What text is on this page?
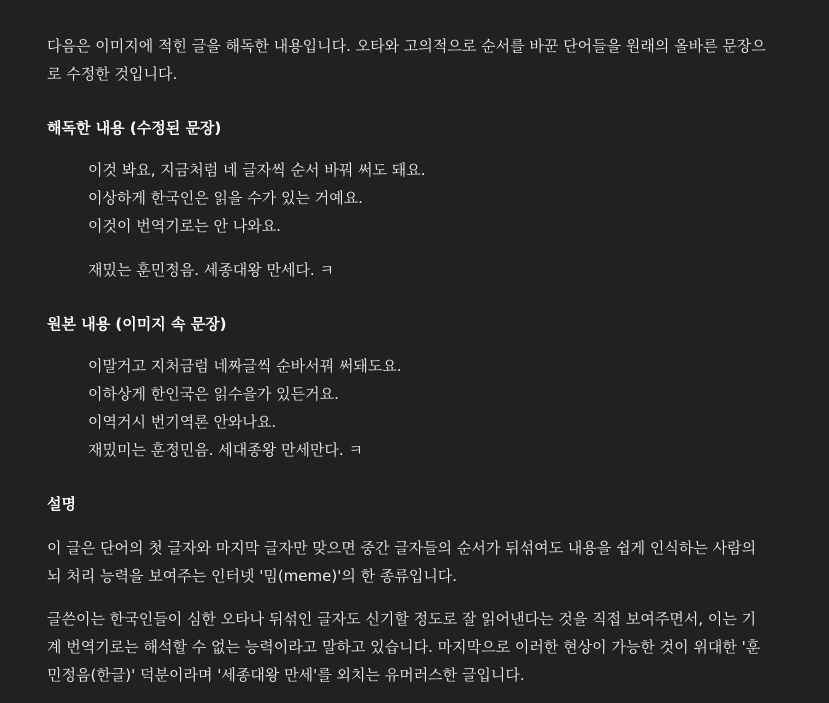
다음은 이미지에 적힌 글을 해독한 내용입니다. 오타와 고의적으로 순서를 바꾼 단어들을 원래의 올바른 문장으로 수정한 것입니다.

해독한 내용 (수정된 문장)
이것 봐요, 지금처럼 네 글자씩 순서 바꿔 써도 돼요.
이상하게 한국인은 읽을 수가 있는 거예요.
이것이 번역기로는 안 나와요.
재밌는 훈민정음. 세종대왕 만세다. ㅋ
원본 내용 (이미지 속 문장)
이말거고 지처금럼 네짜글씩 순바서꿔 써돼도요.
이하상게 한인국은 읽수을가 있든거요.
이역거시 번기역론 안와나요.
재밌미는 훈정민음. 세대종왕 만세만다. ㅋ
설명

이 글은 단어의 첫 글자와 마지막 글자만 맞으면 중간 글자들의 순서가 뒤섞여도 내용을 쉽게 인식하는 사람의 뇌 처리 능력을 보여주는 인터넷 '밈(meme)'의 한 종류입니다.

글쓴이는 한국인들이 심한 오타나 뒤섞인 글자도 신기할 정도로 잘 읽어낸다는 것을 직접 보여주면서, 이는 기계 번역기로는 해석할 수 없는 능력이라고 말하고 있습니다. 마지막으로 이러한 현상이 가능한 것이 위대한 '훈민정음(한글)' 덕분이라며 '세종대왕 만세'를 외치는 유머러스한 글입니다.
